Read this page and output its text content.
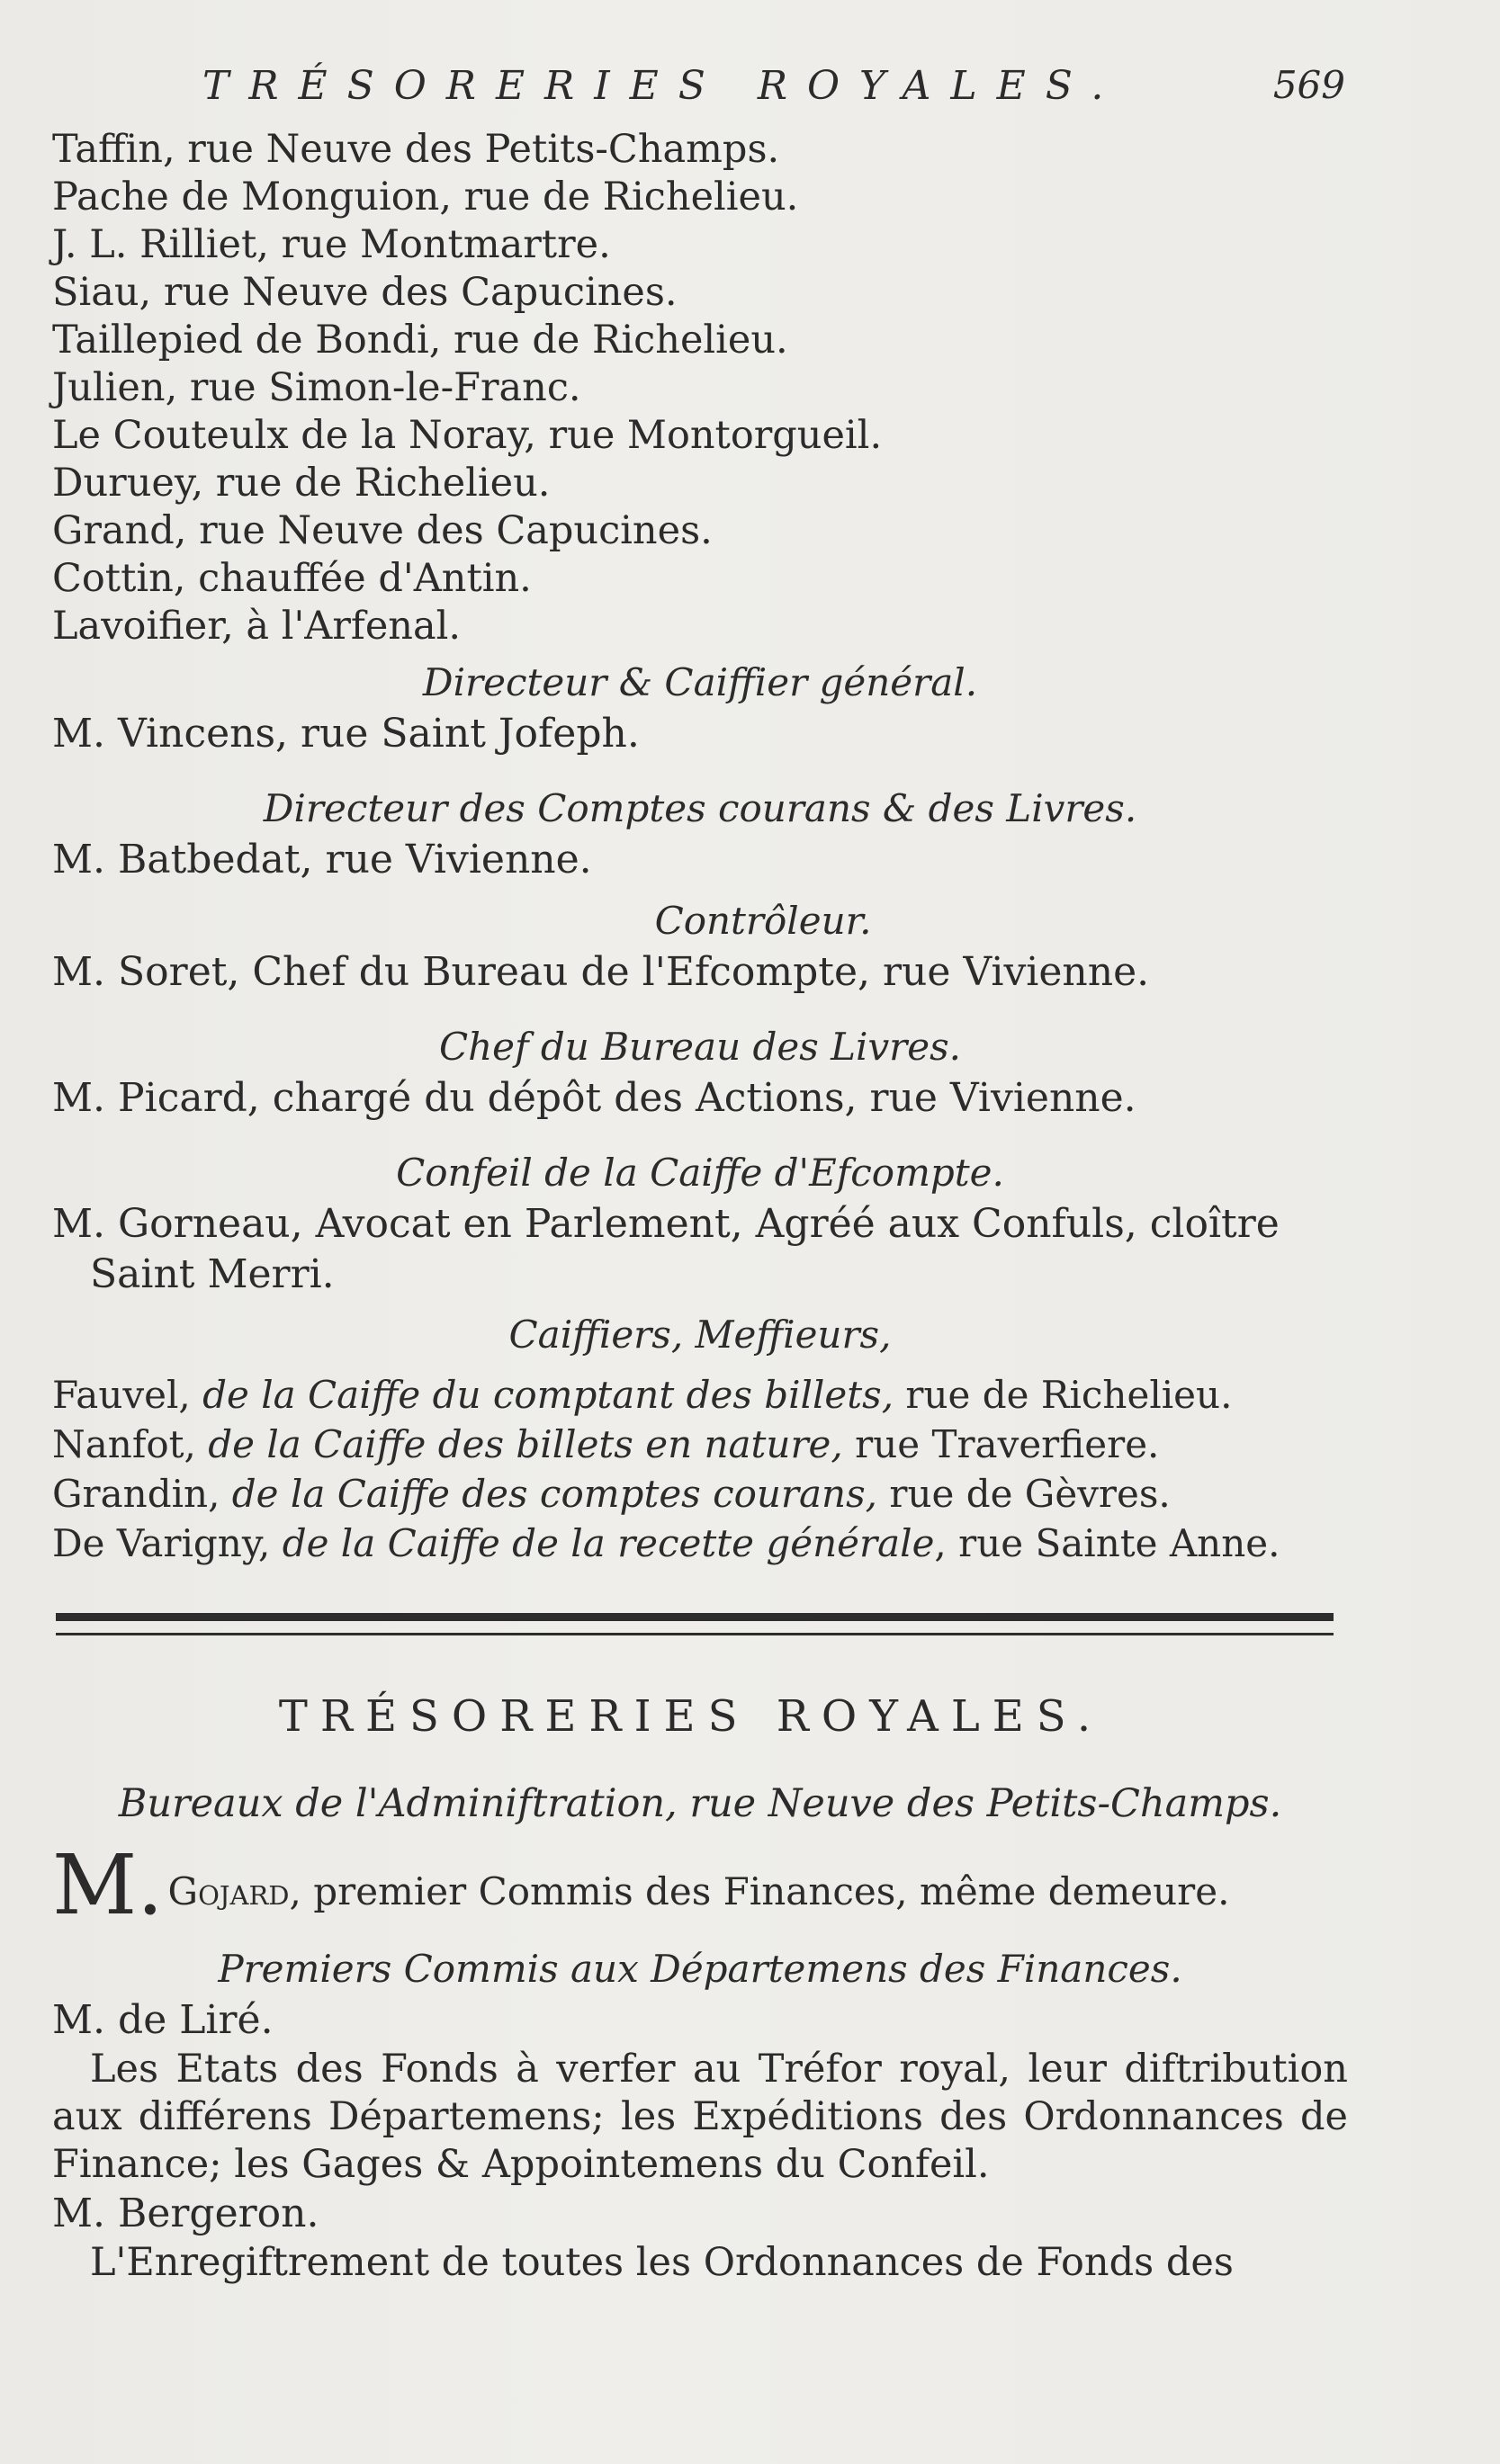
TRÉSORERIES ROYALES.	569
Taffin, rue Neuve des Petits-Champs.
Pache de Monguion, rue de Richelieu.
J. L. Rilliet, rue Montmartre.
Siau, rue Neuve des Capucines.
Taillepied de Bondi, rue de Richelieu.
Julien, rue Simon-le-Franc.
Le Couteulx de la Noray, rue Montorgueil.
Duruey, rue de Richelieu.
Grand, rue Neuve des Capucines.
Cottin, chauffée d'Antin.
Lavoifier, à l'Arfenal.
Directeur & Caiffier général.
M. Vincens, rue Saint Jofeph.
Directeur des Comptes courans & des Livres.
M. Batbedat, rue Vivienne.
Contrôleur.
M. Soret, Chef du Bureau de l'Efcompte, rue Vivienne.
Chef du Bureau des Livres.
M. Picard, chargé du dépôt des Actions, rue Vivienne.
Confeil de la Caiffe d'Efcompte.
M. Gorneau, Avocat en Parlement, Agréé aux Confuls, cloître
Saint Merri.
Caiffiers, Meffieurs,
Fauvel, de la Caiffe du comptant des billets, rue de Richelieu.
Nanfot, de la Caiffe des billets en nature, rue Traverfiere.
Grandin, de la Caiffe des comptes courans, rue de Gèvres.
De Varigny, de la Caiffe de la recette générale, rue Sainte Anne.
TRÉSORERIES ROYALES.
Bureaux de l'Adminiftration, rue Neuve des Petits-Champs.
M. Gojard, premier Commis des Finances, même demeure.
Premiers Commis aux Départemens des Finances.
M. de Liré.
Les Etats des Fonds à verfer au Tréfor royal, leur diftribution aux différens Départemens; les Expéditions des Ordonnances de Finance; les Gages & Appointemens du Confeil.
M. Bergeron.
L'Enregiftrement de toutes les Ordonnances de Fonds des
